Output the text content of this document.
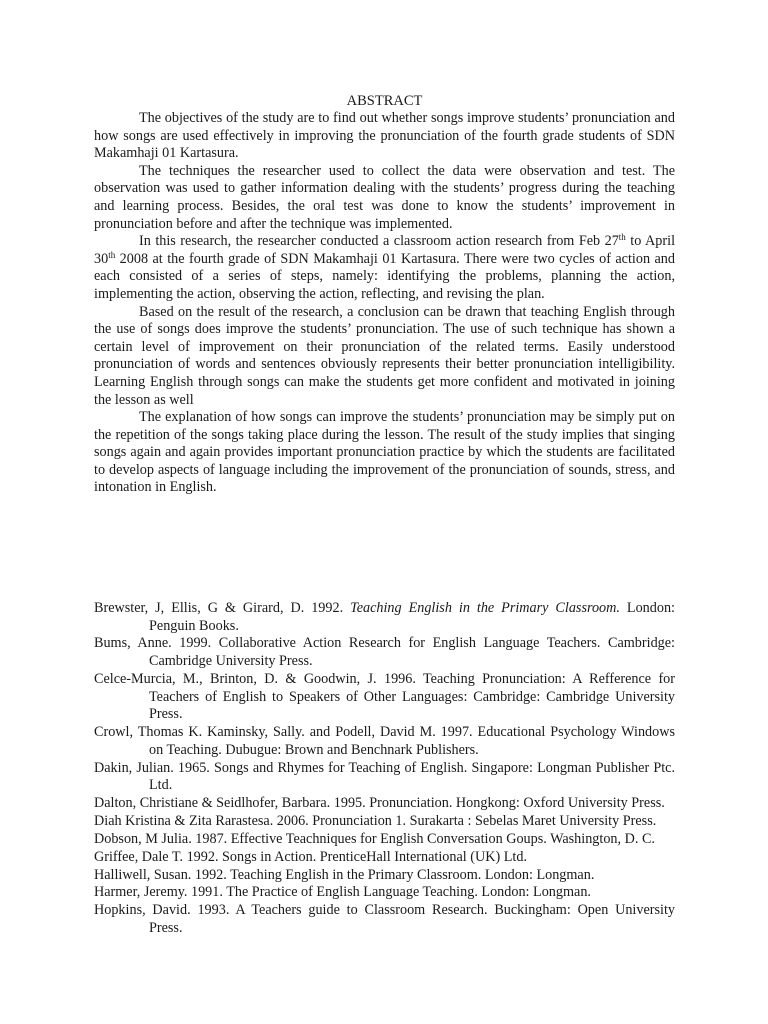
ABSTRACT

The objectives of the study are to find out whether songs improve students’ pronunciation and how songs are used effectively in improving the pronunciation of the fourth grade students of SDN Makamhaji 01 Kartasura.

The techniques the researcher used to collect the data were observation and test. The observation was used to gather information dealing with the students’ progress during the teaching and learning process. Besides, the oral test was done to know the students’ improvement in pronunciation before and after the technique was implemented.

In this research, the researcher conducted a classroom action research from Feb 27th to April 30th 2008 at the fourth grade of SDN Makamhaji 01 Kartasura. There were two cycles of action and each consisted of a series of steps, namely: identifying the problems, planning the action, implementing the action, observing the action, reflecting, and revising the plan.

Based on the result of the research, a conclusion can be drawn that teaching English through the use of songs does improve the students’ pronunciation. The use of such technique has shown a certain level of improvement on their pronunciation of the related terms. Easily understood pronunciation of words and sentences obviously represents their better pronunciation intelligibility. Learning English through songs can make the students get more confident and motivated in joining the lesson as well

The explanation of how songs can improve the students’ pronunciation may be simply put on the repetition of the songs taking place during the lesson. The result of the study implies that singing songs again and again provides important pronunciation practice by which the students are facilitated to develop aspects of language including the improvement of the pronunciation of sounds, stress, and intonation in English.

Brewster, J, Ellis, G & Girard, D. 1992. Teaching English in the Primary Classroom. London: Penguin Books.
Bums, Anne. 1999. Collaborative Action Research for English Language Teachers. Cambridge: Cambridge University Press.
Celce-Murcia, M., Brinton, D. & Goodwin, J. 1996. Teaching Pronunciation: A Refference for Teachers of English to Speakers of Other Languages: Cambridge: Cambridge University Press.
Crowl, Thomas K. Kaminsky, Sally. and Podell, David M. 1997. Educational Psychology Windows on Teaching. Dubugue: Brown and Benchnark Publishers.
Dakin, Julian. 1965. Songs and Rhymes for Teaching of English. Singapore: Longman Publisher Ptc. Ltd.
Dalton, Christiane & Seidlhofer, Barbara. 1995. Pronunciation. Hongkong: Oxford University Press.
Diah Kristina & Zita Rarastesa. 2006. Pronunciation 1. Surakarta : Sebelas Maret University Press.
Dobson, M Julia. 1987. Effective Teachniques for English Conversation Goups. Washington, D. C.
Griffee, Dale T. 1992. Songs in Action. PrenticeHall International (UK) Ltd.
Halliwell, Susan. 1992. Teaching English in the Primary Classroom. London: Longman.
Harmer, Jeremy. 1991. The Practice of English Language Teaching. London: Longman.
Hopkins, David. 1993. A Teachers guide to Classroom Research. Buckingham: Open University Press.
